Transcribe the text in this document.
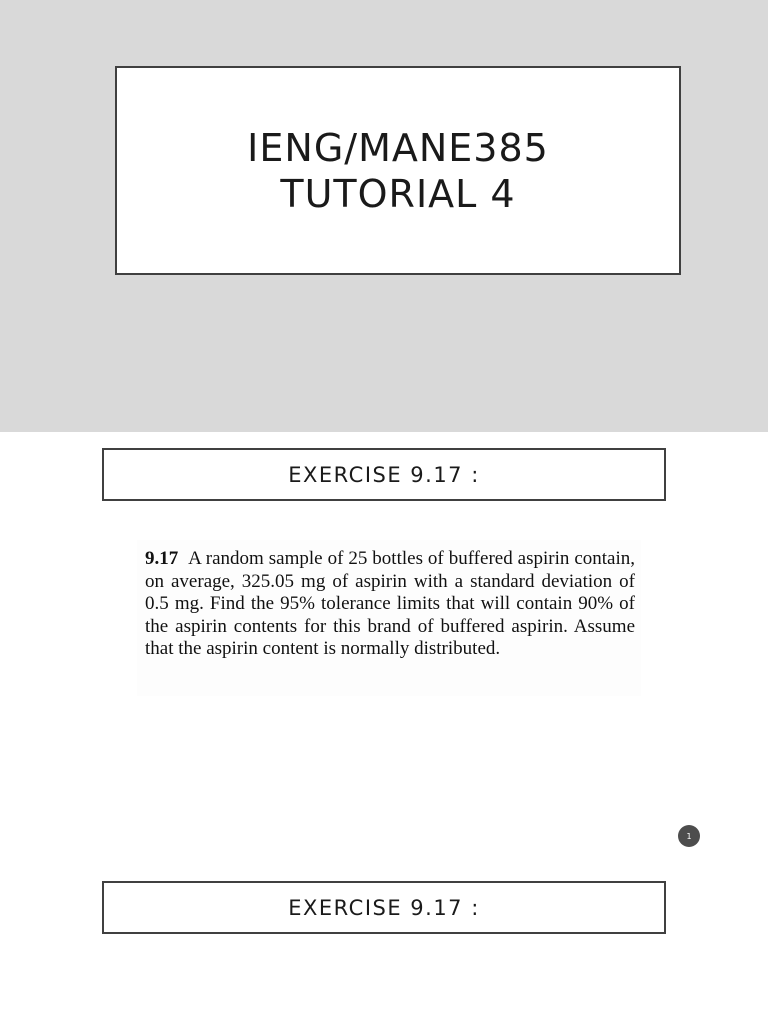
IENG/MANE385
TUTORIAL 4
EXERCISE 9.17 :
9.17 A random sample of 25 bottles of buffered aspirin contain, on average, 325.05 mg of aspirin with a standard deviation of 0.5 mg. Find the 95% tolerance limits that will contain 90% of the aspirin contents for this brand of buffered aspirin. Assume that the aspirin content is normally distributed.
1
EXERCISE 9.17 :
